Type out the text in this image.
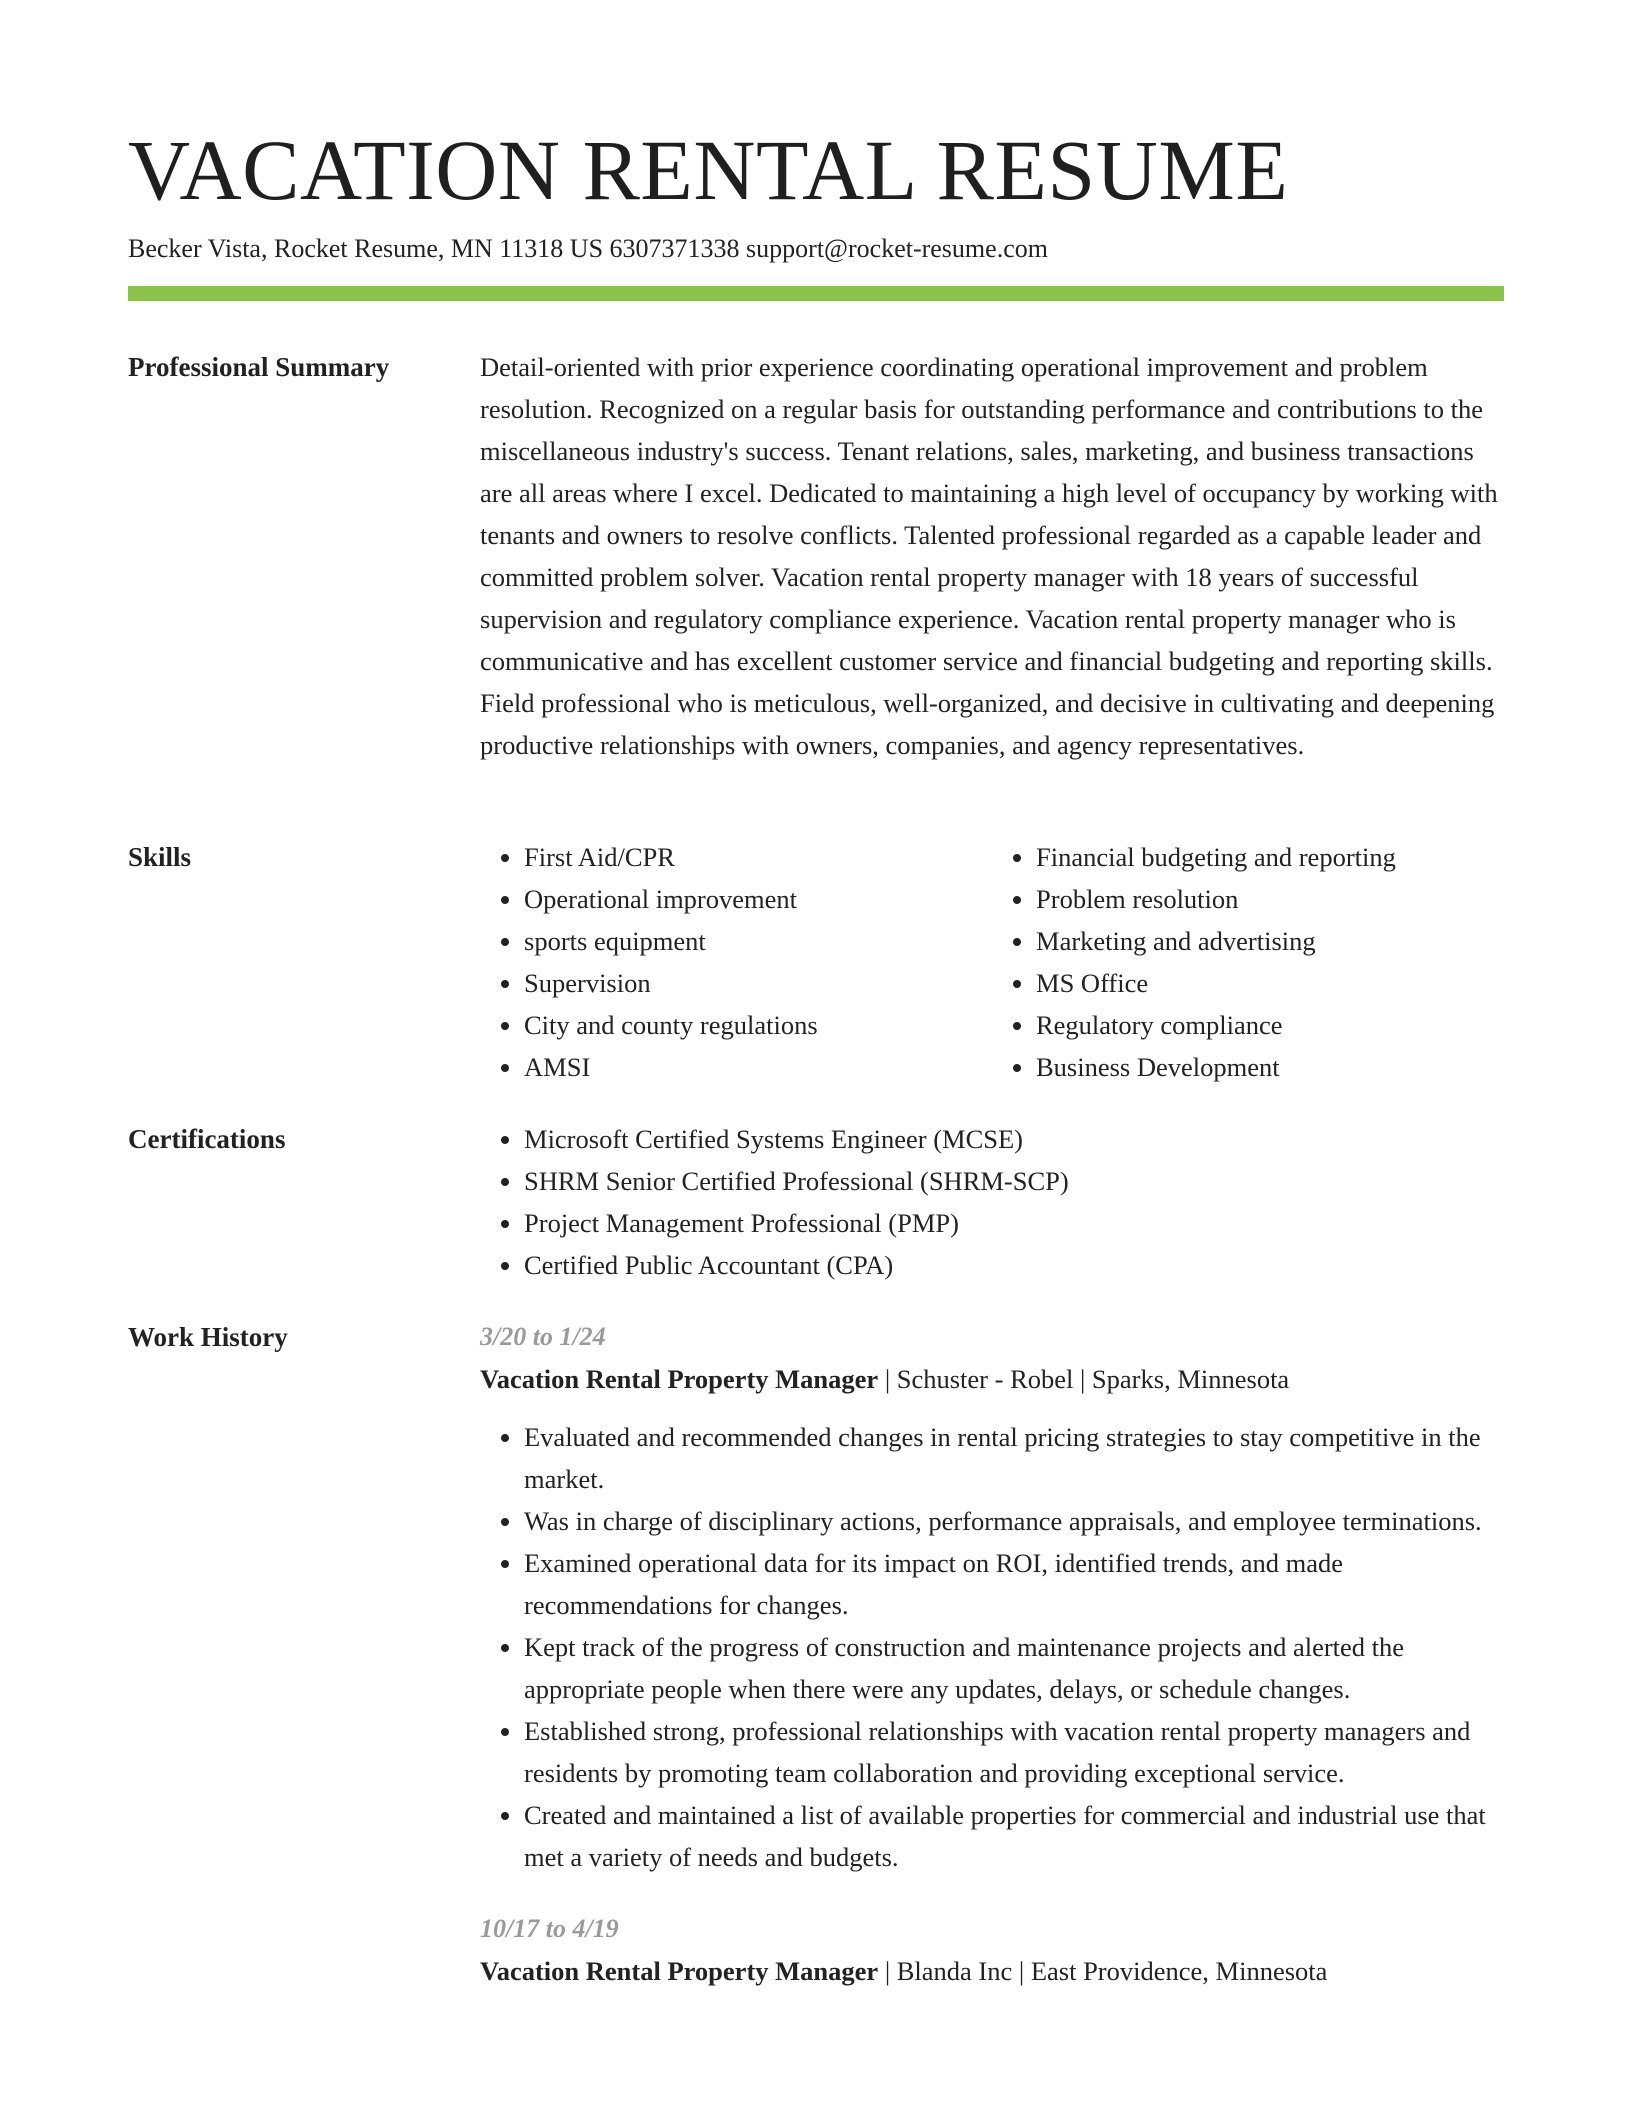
VACATION RENTAL RESUME
Becker Vista, Rocket Resume, MN 11318 US 6307371338 support@rocket-resume.com
Professional Summary	Detail-oriented with prior experience coordinating operational improvement and problem resolution. Recognized on a regular basis for outstanding performance and contributions to the miscellaneous industry's success. Tenant relations, sales, marketing, and business transactions are all areas where I excel. Dedicated to maintaining a high level of occupancy by working with tenants and owners to resolve conflicts. Talented professional regarded as a capable leader and committed problem solver. Vacation rental property manager with 18 years of successful supervision and regulatory compliance experience. Vacation rental property manager who is communicative and has excellent customer service and financial budgeting and reporting skills. Field professional who is meticulous, well-organized, and decisive in cultivating and deepening productive relationships with owners, companies, and agency representatives.

Skills	• First Aid/CPR
• Operational improvement
• sports equipment
• Supervision
• City and county regulations
• AMSI
• Financial budgeting and reporting
• Problem resolution
• Marketing and advertising
• MS Office
• Regulatory compliance
• Business Development
Certifications	• Microsoft Certified Systems Engineer (MCSE)
• SHRM Senior Certified Professional (SHRM-SCP)
• Project Management Professional (PMP)
• Certified Public Accountant (CPA)
Work History	3/20 to 1/24
Vacation Rental Property Manager | Schuster - Robel | Sparks, Minnesota
• Evaluated and recommended changes in rental pricing strategies to stay competitive in the market.
• Was in charge of disciplinary actions, performance appraisals, and employee terminations.
• Examined operational data for its impact on ROI, identified trends, and made recommendations for changes.
• Kept track of the progress of construction and maintenance projects and alerted the appropriate people when there were any updates, delays, or schedule changes.
• Established strong, professional relationships with vacation rental property managers and residents by promoting team collaboration and providing exceptional service.
• Created and maintained a list of available properties for commercial and industrial use that met a variety of needs and budgets.
10/17 to 4/19
Vacation Rental Property Manager | Blanda Inc | East Providence, Minnesota
